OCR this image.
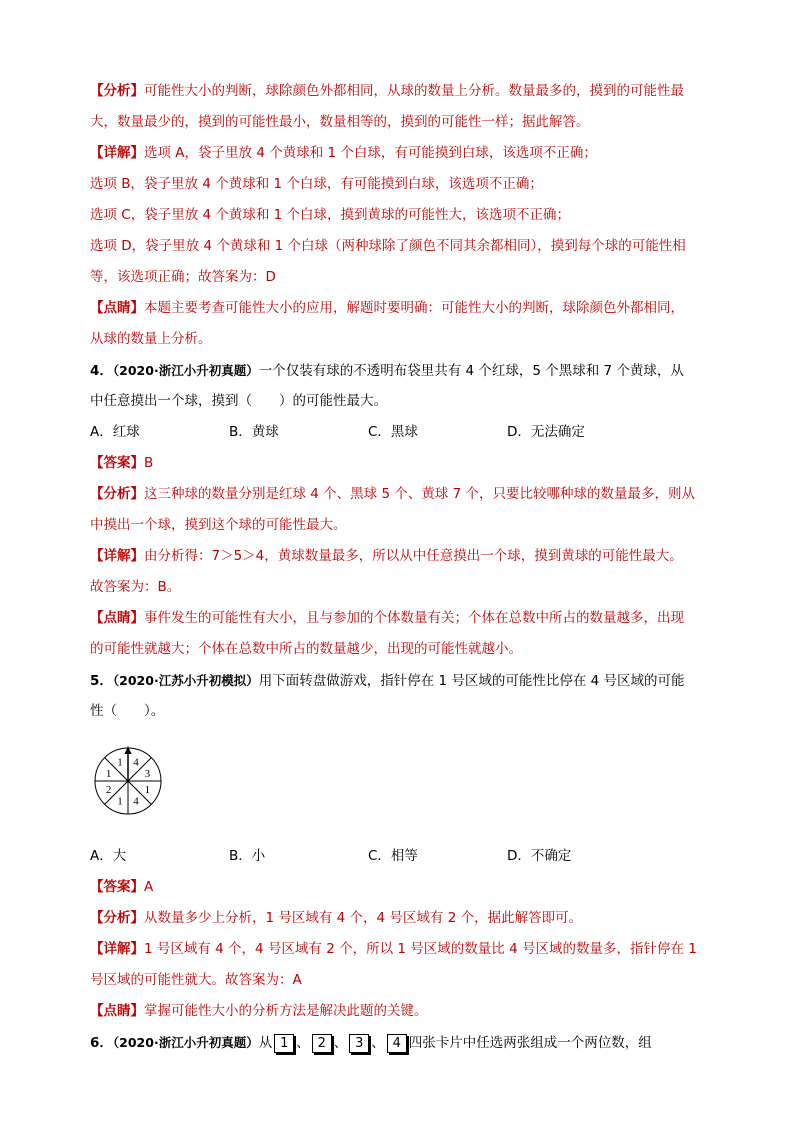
【分析】可能性大小的判断，球除颜色外都相同，从球的数量上分析。数量最多的，摸到的可能性最
大，数量最少的，摸到的可能性最小，数量相等的，摸到的可能性一样；据此解答。
【详解】选项 A，袋子里放 4 个黄球和 1 个白球，有可能摸到白球，该选项不正确；
选项 B，袋子里放 4 个黄球和 1 个白球，有可能摸到白球，该选项不正确；
选项 C，袋子里放 4 个黄球和 1 个白球，摸到黄球的可能性大，该选项不正确；
选项 D，袋子里放 4 个黄球和 1 个白球（两种球除了颜色不同其余都相同），摸到每个球的可能性相
等，该选项正确；故答案为：D
【点睛】本题主要考查可能性大小的应用，解题时要明确：可能性大小的判断，球除颜色外都相同，
从球的数量上分析。
4．（2020·浙江小升初真题）一个仅装有球的不透明布袋里共有 4 个红球，5 个黑球和 7 个黄球，从
中任意摸出一个球，摸到（　　）的可能性最大。
A．红球	B．黄球	C．黑球	D．无法确定
【答案】B
【分析】这三种球的数量分别是红球 4 个、黑球 5 个、黄球 7 个，只要比较哪种球的数量最多，则从
中摸出一个球，摸到这个球的可能性最大。
【详解】由分析得：7＞5＞4，黄球数量最多，所以从中任意摸出一个球，摸到黄球的可能性最大。
故答案为：B。
【点睛】事件发生的可能性有大小，且与参加的个体数量有关；个体在总数中所占的数量越多，出现
的可能性就越大；个体在总数中所占的数量越少，出现的可能性就越小。
5．（2020·江苏小升初模拟）用下面转盘做游戏，指针停在 1 号区域的可能性比停在 4 号区域的可能
性（　　）。
4
3
1
4
1
2
1
1
A．大	B．小	C．相等	D．不确定
【答案】A
【分析】从数量多少上分析，1 号区域有 4 个，4 号区域有 2 个，据此解答即可。
【详解】1 号区域有 4 个，4 号区域有 2 个，所以 1 号区域的数量比 4 号区域的数量多，指针停在 1
号区域的可能性就大。故答案为：A
【点睛】掌握可能性大小的分析方法是解决此题的关键。
6．（2020·浙江小升初真题）从 1 、 2 、 3 、 4 四张卡片中任选两张组成一个两位数，组
